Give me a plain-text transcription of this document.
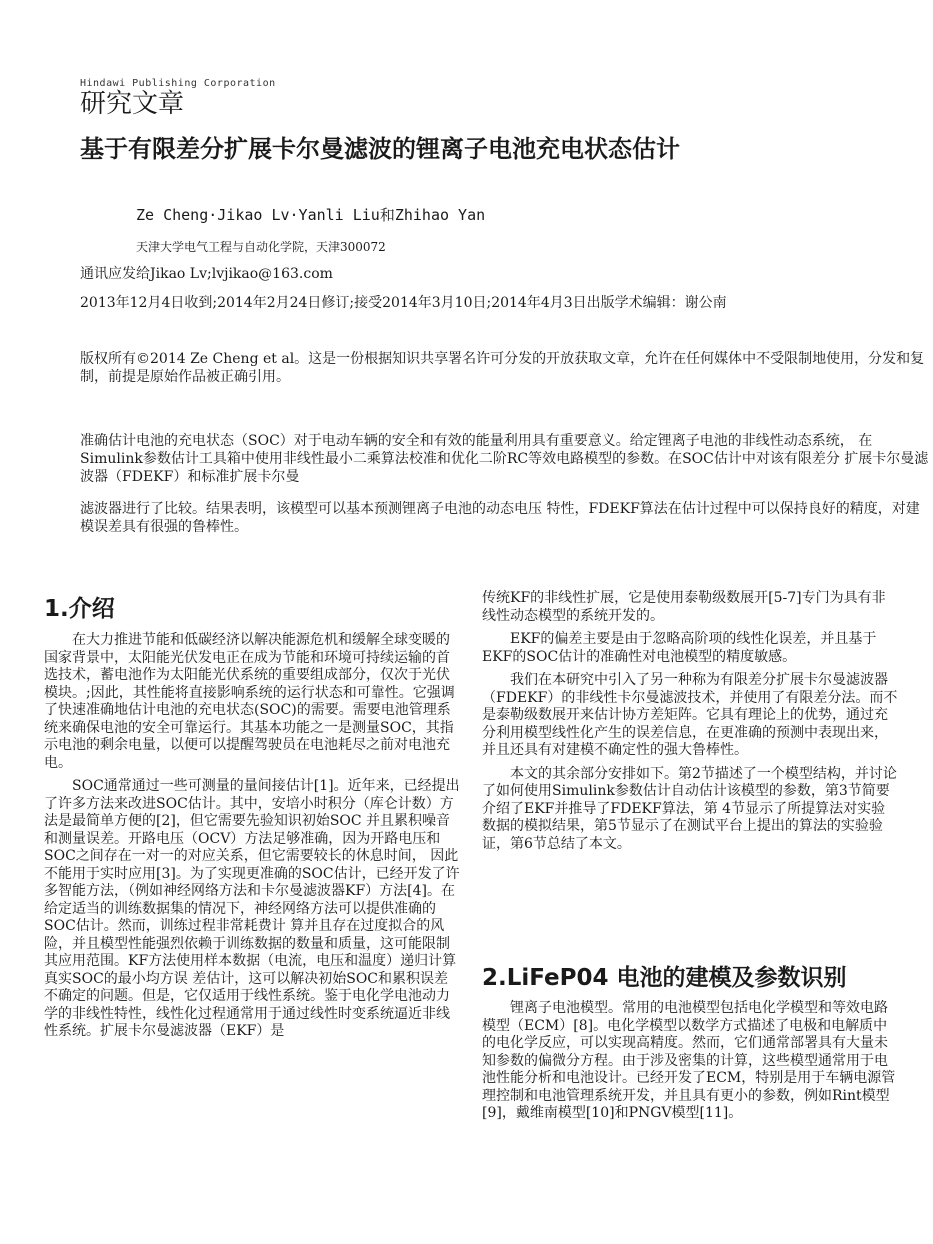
Hindawi Publishing Corporation
研究文章
基于有限差分扩展卡尔曼滤波的锂离子电池充电状态估计
Ze Cheng·Jikao Lv·Yanli Liu和Zhihao Yan
天津大学电气工程与自动化学院，天津300072
通讯应发给Jikao Lv;lvjikao@163.com
2013年12月4日收到;2014年2月24日修订;接受2014年3月10日;2014年4月3日出版学术编辑：谢公南

版权所有©2014 Ze Cheng et al。这是一份根据知识共享署名许可分发的开放获取文章，允许在任何媒体中不受限制地使用，分发和复制，前提是原始作品被正确引用。

准确估计电池的充电状态（SOC）对于电动车辆的安全和有效的能量利用具有重要意义。给定锂离子电池的非线性动态系统， 在Simulink参数估计工具箱中使用非线性最小二乘算法校准和优化二阶RC等效电路模型的参数。在SOC估计中对该有限差分 扩展卡尔曼滤波器（FDEKF）和标准扩展卡尔曼

滤波器进行了比较。结果表明，该模型可以基本预测锂离子电池的动态电压 特性，FDEKF算法在估计过程中可以保持良好的精度，对建模误差具有很强的鲁棒性。

1.介绍

在大力推进节能和低碳经济以解决能源危机和缓解全球变暖的国家背景中，太阳能光伏发电正在成为节能和环境可持续运输的首选技术，蓄电池作为太阳能光伏系统的重要组成部分，仅次于光伏模块。;因此，其性能将直接影响系统的运行状态和可靠性。它强调了快速准确地估计电池的充电状态(SOC)的需要。需要电池管理系统来确保电池的安全可靠运行。其基本功能之一是测量SOC，其指示电池的剩余电量，以便可以提醒驾驶员在电池耗尽之前对电池充电。

SOC通常通过一些可测量的量间接估计[1]。近年来，已经提出了许多方法来改进SOC估计。其中，安培小时积分（库仑计数）方法是最简单方便的[2]，但它需要先验知识初始SOC 并且累积噪音和测量误差。开路电压（OCV）方法足够准确，因为开路电压和SOC之间存在一对一的对应关系，但它需要较长的休息时间， 因此不能用于实时应用[3]。为了实现更准确的SOC估计，已经开发了许多智能方法，（例如神经网络方法和卡尔曼滤波器KF）方法[4]。在给定适当的训练数据集的情况下，神经网络方法可以提供准确的SOC估计。然而，训练过程非常耗费计 算并且存在过度拟合的风险，并且模型性能强烈依赖于训练数据的数量和质量，这可能限制其应用范围。KF方法使用样本数据（电流，电压和温度）递归计算真实SOC的最小均方误 差估计，这可以解决初始SOC和累积误差不确定的问题。但是，它仅适用于线性系统。鉴于电化学电池动力学的非线性特性，线性化过程通常用于通过线性时变系统逼近非线性系统。扩展卡尔曼滤波器（EKF）是

传统KF的非线性扩展，它是使用泰勒级数展开[5-7]专门为具有非线性动态模型的系统开发的。

EKF的偏差主要是由于忽略高阶项的线性化误差，并且基于EKF的SOC估计的准确性对电池模型的精度敏感。

我们在本研究中引入了另一种称为有限差分扩展卡尔曼滤波器（FDEKF）的非线性卡尔曼滤波技术，并使用了有限差分法。而不是泰勒级数展开来估计协方差矩阵。它具有理论上的优势，通过充分利用模型线性化产生的误差信息，在更准确的预测中表现出来，并且还具有对建模不确定性的强大鲁棒性。

本文的其余部分安排如下。第2节描述了一个模型结构，并讨论了如何使用Simulink参数估计自动估计该模型的参数，第3节简要介绍了EKF并推导了FDEKF算法，第 4节显示了所提算法对实验数据的模拟结果，第5节显示了在测试平台上提出的算法的实验验证，第6节总结了本文。

2.LiFeP04 电池的建模及参数识别

锂离子电池模型。常用的电池模型包括电化学模型和等效电路模型（ECM）[8]。电化学模型以数学方式描述了电极和电解质中的电化学反应，可以实现高精度。然而，它们通常部署具有大量未知参数的偏微分方程。由于涉及密集的计算，这些模型通常用于电池性能分析和电池设计。已经开发了ECM，特别是用于车辆电源管理控制和电池管理系统开发，并且具有更小的参数，例如Rint模型[9]，戴维南模型[10]和PNGV模型[11]。
